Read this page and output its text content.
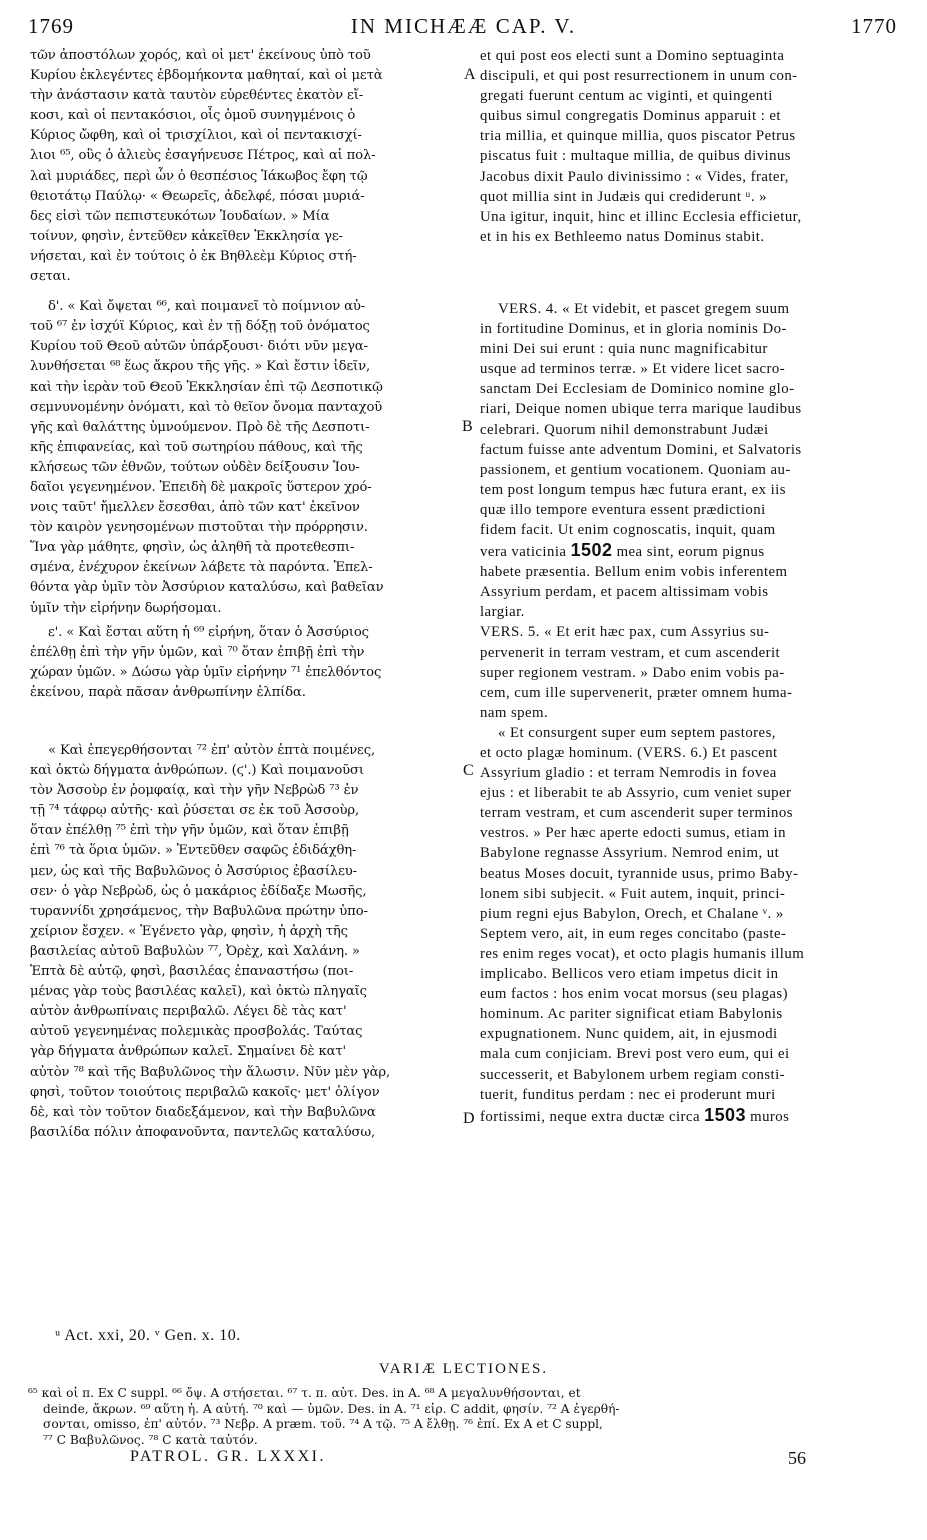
1769	IN MICHÆÆ CAP. V.	1770
τῶν ἀποστόλων χορός, καὶ οἱ μετ' ἐκείνους ὑπὸ τοῦ
Κυρίου ἐκλεγέντες ἑβδομήκοντα μαθηταί, καὶ οἱ μετὰ
τὴν ἀνάστασιν κατὰ ταυτὸν εὑρεθέντες ἑκατὸν εἴ-
κοσι, καὶ οἱ πεντακόσιοι, οἷς ὁμοῦ συνηγμένοις ὁ
Κύριος ὤφθη, καὶ οἱ τρισχίλιοι, καὶ οἱ πεντακισχί-
λιοι ⁶⁵, οὓς ὁ ἁλιεὺς ἐσαγήνευσε Πέτρος, καὶ αἱ πολ-
λαὶ μυριάδες, περὶ ὧν ὁ θεσπέσιος Ἰάκωβος ἔφη τῷ
θειοτάτῳ Παύλῳ· « Θεωρεῖς, ἀδελφέ, πόσαι μυριά-
δες εἰσὶ τῶν πεπιστευκότων Ἰουδαίων. » Μία
τοίνυν, φησὶν, ἐντεῦθεν κἀκεῖθεν Ἐκκλησία γε-
νήσεται, καὶ ἐν τούτοις ὁ ἐκ Βηθλεὲμ Κύριος στή-
σεται.
δ'. « Καὶ ὄψεται ⁶⁶, καὶ ποιμανεῖ τὸ ποίμνιον αὐ-
τοῦ ⁶⁷ ἐν ἰσχύϊ Κύριος, καὶ ἐν τῇ δόξῃ τοῦ ὀνόματος
Κυρίου τοῦ Θεοῦ αὐτῶν ὑπάρξουσι· διότι νῦν μεγα-
λυνθήσεται ⁶⁸ ἕως ἄκρου τῆς γῆς. » Καὶ ἔστιν ἰδεῖν,
καὶ τὴν ἱερὰν τοῦ Θεοῦ Ἐκκλησίαν ἐπὶ τῷ Δεσποτικῷ
σεμνυνομένην ὀνόματι, καὶ τὸ θεῖον ὄνομα πανταχοῦ
γῆς καὶ θαλάττης ὑμνούμενον. Πρὸ δὲ τῆς Δεσποτι-
κῆς ἐπιφανείας, καὶ τοῦ σωτηρίου πάθους, καὶ τῆς
κλήσεως τῶν ἐθνῶν, τούτων οὐδὲν δείξουσιν Ἰου-
δαῖοι γεγενημένον. Ἐπειδὴ δὲ μακροῖς ὕστερον χρό-
νοις ταῦτ' ἤμελλεν ἔσεσθαι, ἀπὸ τῶν κατ' ἐκεῖνον
τὸν καιρὸν γενησομένων πιστοῦται τὴν πρόρρησιν.
Ἵνα γὰρ μάθητε, φησὶν, ὡς ἀληθῆ τὰ προτεθεσπι-
σμένα, ἐνέχυρον ἐκείνων λάβετε τὰ παρόντα. Ἐπελ-
θόντα γὰρ ὑμῖν τὸν Ἀσσύριον καταλύσω, καὶ βαθεῖαν
ὑμῖν τὴν εἰρήνην δωρήσομαι.
ε'. « Καὶ ἔσται αὕτη ἡ ⁶⁹ εἰρήνη, ὅταν ὁ Ἀσσύριος
ἐπέλθῃ ἐπὶ τὴν γῆν ὑμῶν, καὶ ⁷⁰ ὅταν ἐπιβῇ ἐπὶ τὴν
χώραν ὑμῶν. » Δώσω γὰρ ὑμῖν εἰρήνην ⁷¹ ἐπελθόντος
ἐκείνου, παρὰ πᾶσαν ἀνθρωπίνην ἐλπίδα.
« Καὶ ἐπεγερθήσονται ⁷² ἐπ' αὐτὸν ἑπτὰ ποιμένες,
καὶ ὀκτὼ δήγματα ἀνθρώπων. (ϛ'.) Καὶ ποιμανοῦσι
τὸν Ἀσσοὺρ ἐν ῥομφαίᾳ, καὶ τὴν γῆν Νεβρὼδ ⁷³ ἐν
τῇ ⁷⁴ τάφρῳ αὐτῆς· καὶ ῥύσεται σε ἐκ τοῦ Ἀσσοὺρ,
ὅταν ἐπέλθῃ ⁷⁵ ἐπὶ τὴν γῆν ὑμῶν, καὶ ὅταν ἐπιβῇ
ἐπὶ ⁷⁶ τὰ ὅρια ὑμῶν. » Ἐντεῦθεν σαφῶς ἐδιδάχθη-
μεν, ὡς καὶ τῆς Βαβυλῶνος ὁ Ἀσσύριος ἐβασίλευ-
σεν· ὁ γὰρ Νεβρὼδ, ὡς ὁ μακάριος ἐδίδαξε Μωσῆς,
τυραννίδι χρησάμενος, τὴν Βαβυλῶνα πρώτην ὑπο-
χείριον ἔσχεν. « Ἐγένετο γὰρ, φησὶν, ἡ ἀρχὴ τῆς
βασιλείας αὐτοῦ Βαβυλὼν ⁷⁷, Ὀρὲχ, καὶ Χαλάνη. »
Ἑπτὰ δὲ αὐτῷ, φησὶ, βασιλέας ἐπαναστήσω (ποι-
μένας γὰρ τοὺς βασιλέας καλεῖ), καὶ ὀκτὼ πληγαῖς
αὐτὸν ἀνθρωπίναις περιβαλῶ. Λέγει δὲ τὰς κατ'
αὐτοῦ γεγενημένας πολεμικὰς προσβολάς. Ταύτας
γὰρ δήγματα ἀνθρώπων καλεῖ. Σημαίνει δὲ κατ'
αὐτὸν ⁷⁸ καὶ τῆς Βαβυλῶνος τὴν ἅλωσιν. Νῦν μὲν γὰρ,
φησὶ, τοῦτον τοιούτοις περιβαλῶ κακοῖς· μετ' ὀλίγον
δὲ, καὶ τὸν τοῦτον διαδεξάμενον, καὶ τὴν Βαβυλῶνα
βασιλίδα πόλιν ἀποφανοῦντα, παντελῶς καταλύσω,
A
B
C
D
et qui post eos electi sunt a Domino septuaginta
discipuli, et qui post resurrectionem in unum con-
gregati fuerunt centum ac viginti, et quingenti
quibus simul congregatis Dominus apparuit : et
tria millia, et quinque millia, quos piscator Petrus
piscatus fuit : multaque millia, de quibus divinus
Jacobus dixit Paulo divinissimo : « Vides, frater,
quot millia sint in Judæis qui crediderunt ᵘ. »
Una igitur, inquit, hinc et illinc Ecclesia efficietur,
et in his ex Bethleemo natus Dominus stabit.
VERS. 4. « Et videbit, et pascet gregem suum
in fortitudine Dominus, et in gloria nominis Do-
mini Dei sui erunt : quia nunc magnificabitur
usque ad terminos terræ. » Et videre licet sacro-
sanctam Dei Ecclesiam de Dominico nomine glo-
riari, Deique nomen ubique terra marique laudibus
celebrari. Quorum nihil demonstrabunt Judæi
factum fuisse ante adventum Domini, et Salvatoris
passionem, et gentium vocationem. Quoniam au-
tem post longum tempus hæc futura erant, ex iis
quæ illo tempore eventura essent prædictioni
fidem facit. Ut enim cognoscatis, inquit, quam
vera vaticinia 1502 mea sint, eorum pignus
habete præsentia. Bellum enim vobis inferentem
Assyrium perdam, et pacem altissimam vobis
largiar.
VERS. 5. « Et erit hæc pax, cum Assyrius su-
pervenerit in terram vestram, et cum ascenderit
super regionem vestram. » Dabo enim vobis pa-
cem, cum ille supervenerit, præter omnem huma-
nam spem.
« Et consurgent super eum septem pastores,
et octo plagæ hominum. (VERS. 6.) Et pascent
Assyrium gladio : et terram Nemrodis in fovea
ejus : et liberabit te ab Assyrio, cum veniet super
terram vestram, et cum ascenderit super terminos
vestros. » Per hæc aperte edocti sumus, etiam in
Babylone regnasse Assyrium. Nemrod enim, ut
beatus Moses docuit, tyrannide usus, primo Baby-
lonem sibi subjecit. « Fuit autem, inquit, princi-
pium regni ejus Babylon, Orech, et Chalane ᵛ. »
Septem vero, ait, in eum reges concitabo (paste-
res enim reges vocat), et octo plagis humanis illum
implicabo. Bellicos vero etiam impetus dicit in
eum factos : hos enim vocat morsus (seu plagas)
hominum. Ac pariter significat etiam Babylonis
expugnationem. Nunc quidem, ait, in ejusmodi
mala cum conjiciam. Brevi post vero eum, qui ei
successerit, et Babylonem urbem regiam consti-
tuerit, funditus perdam : nec ei proderunt muri
fortissimi, neque extra ductæ circa 1503 muros
ᵘ Act. xxi, 20. ᵛ Gen. x. 10.
VARIÆ LECTIONES.
⁶⁵ καὶ οἱ π. Ex C suppl. ⁶⁶ ὄψ. A στήσεται. ⁶⁷ τ. π. αὐτ. Des. in A. ⁶⁸ A μεγαλυνθήσονται, et
deinde, ἄκρων. ⁶⁹ αὕτη ἡ. A αὐτή. ⁷⁰ καὶ — ὑμῶν. Des. in A. ⁷¹ εἰρ. C addit, φησίν. ⁷² A ἐγερθή-
σονται, omisso, ἐπ' αὐτόν. ⁷³ Νεβρ. A præm. τοῦ. ⁷⁴ A τῷ. ⁷⁵ A ἔλθῃ. ⁷⁶ ἐπί. Ex A et C suppl,
⁷⁷ C Βαβυλῶνος. ⁷⁸ C κατὰ ταὐτόν.
PATROL. GR. LXXXI.	56
